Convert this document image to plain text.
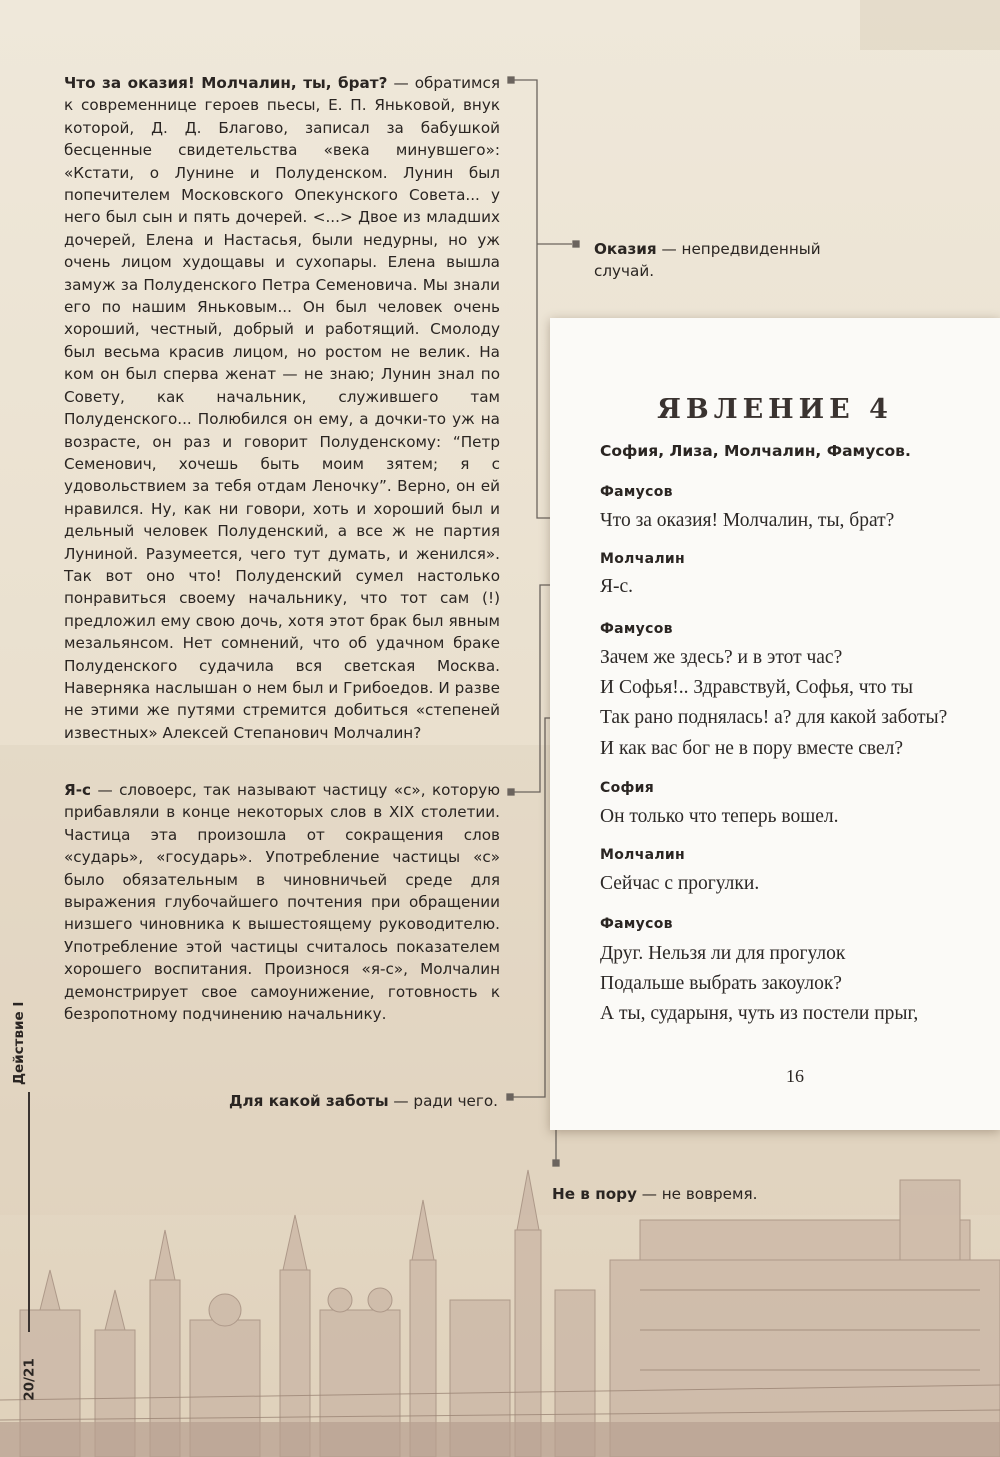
Что за оказия! Молчалин, ты, брат? — обратимся к современнице героев пьесы, Е. П. Яньковой, внук которой, Д. Д. Благово, записал за бабушкой бесценные свидетельства «века минувшего»: «Кстати, о Лунине и Полуденском. Лунин был попечителем Московского Опекунского Совета... у него был сын и пять дочерей. <...> Двое из младших дочерей, Елена и Настасья, были недурны, но уж очень лицом худощавы и сухопары. Елена вышла замуж за Полуденского Петра Семеновича. Мы знали его по нашим Яньковым... Он был человек очень хороший, честный, добрый и работящий. Смолоду был весьма красив лицом, но ростом не велик. На ком он был сперва женат — не знаю; Лунин знал по Совету, как начальник, служившего там Полуденского... Полюбился он ему, а дочки-то уж на возрасте, он раз и говорит Полуденскому: “Петр Семенович, хочешь быть моим зятем; я с удовольствием за тебя отдам Леночку”. Верно, он ей нравился. Ну, как ни говори, хоть и хороший был и дельный человек Полуденский, а все ж не партия Луниной. Разумеется, чего тут думать, и женился». Так вот оно что! Полуденский сумел настолько понравиться своему начальнику, что тот сам (!) предложил ему свою дочь, хотя этот брак был явным мезальянсом. Нет сомнений, что об удачном браке Полуденского судачила вся светская Москва. Наверняка наслышан о нем был и Грибоедов. И разве не этими же путями стремится добиться «степеней известных» Алексей Степанович Молчалин?
Оказия — непредвиденный случай.
Я-с — словоерс, так называют частицу «с», которую прибавляли в конце некоторых слов в XIX столетии. Частица эта произошла от сокращения слов «сударь», «государь». Употребление частицы «с» было обязательным в чиновничьей среде для выражения глубочайшего почтения при обращении низшего чиновника к вышестоящему руководителю. Употребление этой частицы считалось показателем хорошего воспитания. Произнося «я-с», Молчалин демонстрирует свое самоунижение, готовность к безропотному подчинению начальнику.
Для какой заботы — ради чего.
Не в пору — не вовремя.
ЯВЛЕНИЕ 4
София, Лиза, Молчалин, Фамусов.
Фамусов
Что за оказия! Молчалин, ты, брат?
Молчалин
Я-с.
Фамусов
Зачем же здесь? и в этот час?
И Софья!.. Здравствуй, Софья, что ты
Так рано поднялась! а? для какой заботы?
И как вас бог не в пору вместе свел?
София
Он только что теперь вошел.
Молчалин
Сейчас с прогулки.
Фамусов
Друг. Нельзя ли для прогулок
Подальше выбрать закоулок?
А ты, сударыня, чуть из постели прыг,
16
Действие I
20/21
